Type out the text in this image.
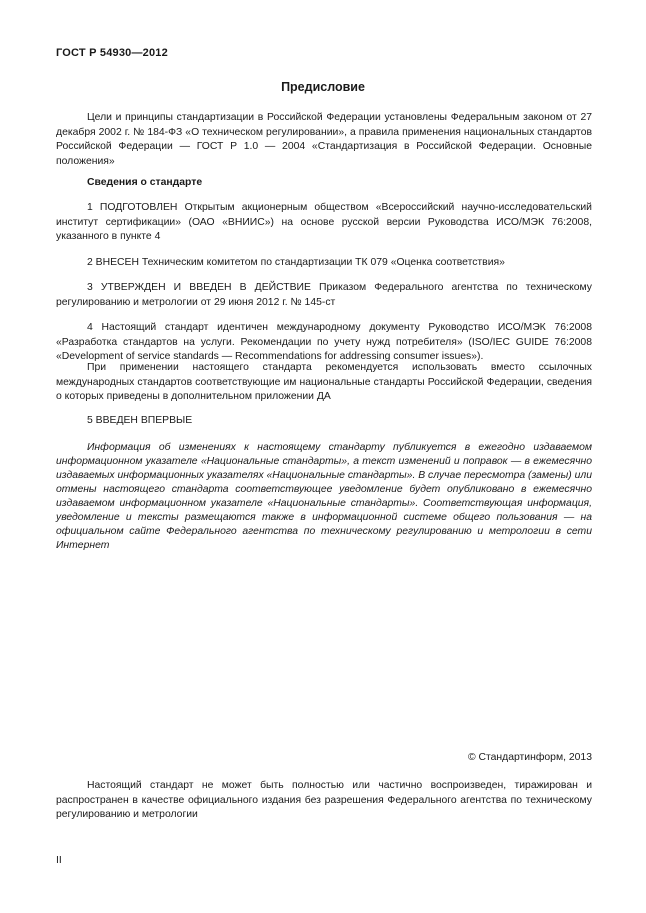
ГОСТ Р 54930—2012
Предисловие

Цели и принципы стандартизации в Российской Федерации установлены Федеральным законом от 27 декабря 2002 г. № 184-ФЗ «О техническом регулировании», а правила применения национальных стандартов Российской Федерации — ГОСТ Р 1.0 — 2004 «Стандартизация в Российской Федерации. Основные положения»

Сведения о стандарте

1 ПОДГОТОВЛЕН Открытым акционерным обществом «Всероссийский научно-исследовательский институт сертификации» (ОАО «ВНИИС») на основе русской версии Руководства ИСО/МЭК 76:2008, указанного в пункте 4

2 ВНЕСЕН Техническим комитетом по стандартизации ТК 079 «Оценка соответствия»

3 УТВЕРЖДЕН И ВВЕДЕН В ДЕЙСТВИЕ Приказом Федерального агентства по техническому регулированию и метрологии от 29 июня 2012 г. № 145-ст

4 Настоящий стандарт идентичен международному документу Руководство ИСО/МЭК 76:2008 «Разработка стандартов на услуги. Рекомендации по учету нужд потребителя» (ISO/IEC GUIDE 76:2008 «Development of service standards — Recommendations for addressing consumer issues»).

При применении настоящего стандарта рекомендуется использовать вместо ссылочных международных стандартов соответствующие им национальные стандарты Российской Федерации, сведения о которых приведены в дополнительном приложении ДА

5 ВВЕДЕН ВПЕРВЫЕ

Информация об изменениях к настоящему стандарту публикуется в ежегодно издаваемом информационном указателе «Национальные стандарты», а текст изменений и поправок — в ежемесячно издаваемых информационных указателях «Национальные стандарты». В случае пересмотра (замены) или отмены настоящего стандарта соответствующее уведомление будет опубликовано в ежемесячно издаваемом информационном указателе «Национальные стандарты». Соответствующая информация, уведомление и тексты размещаются также в информационной системе общего пользования — на официальном сайте Федерального агентства по техническому регулированию и метрологии в сети Интернет

© Стандартинформ, 2013

Настоящий стандарт не может быть полностью или частично воспроизведен, тиражирован и распространен в качестве официального издания без разрешения Федерального агентства по техническому регулированию и метрологии

II
